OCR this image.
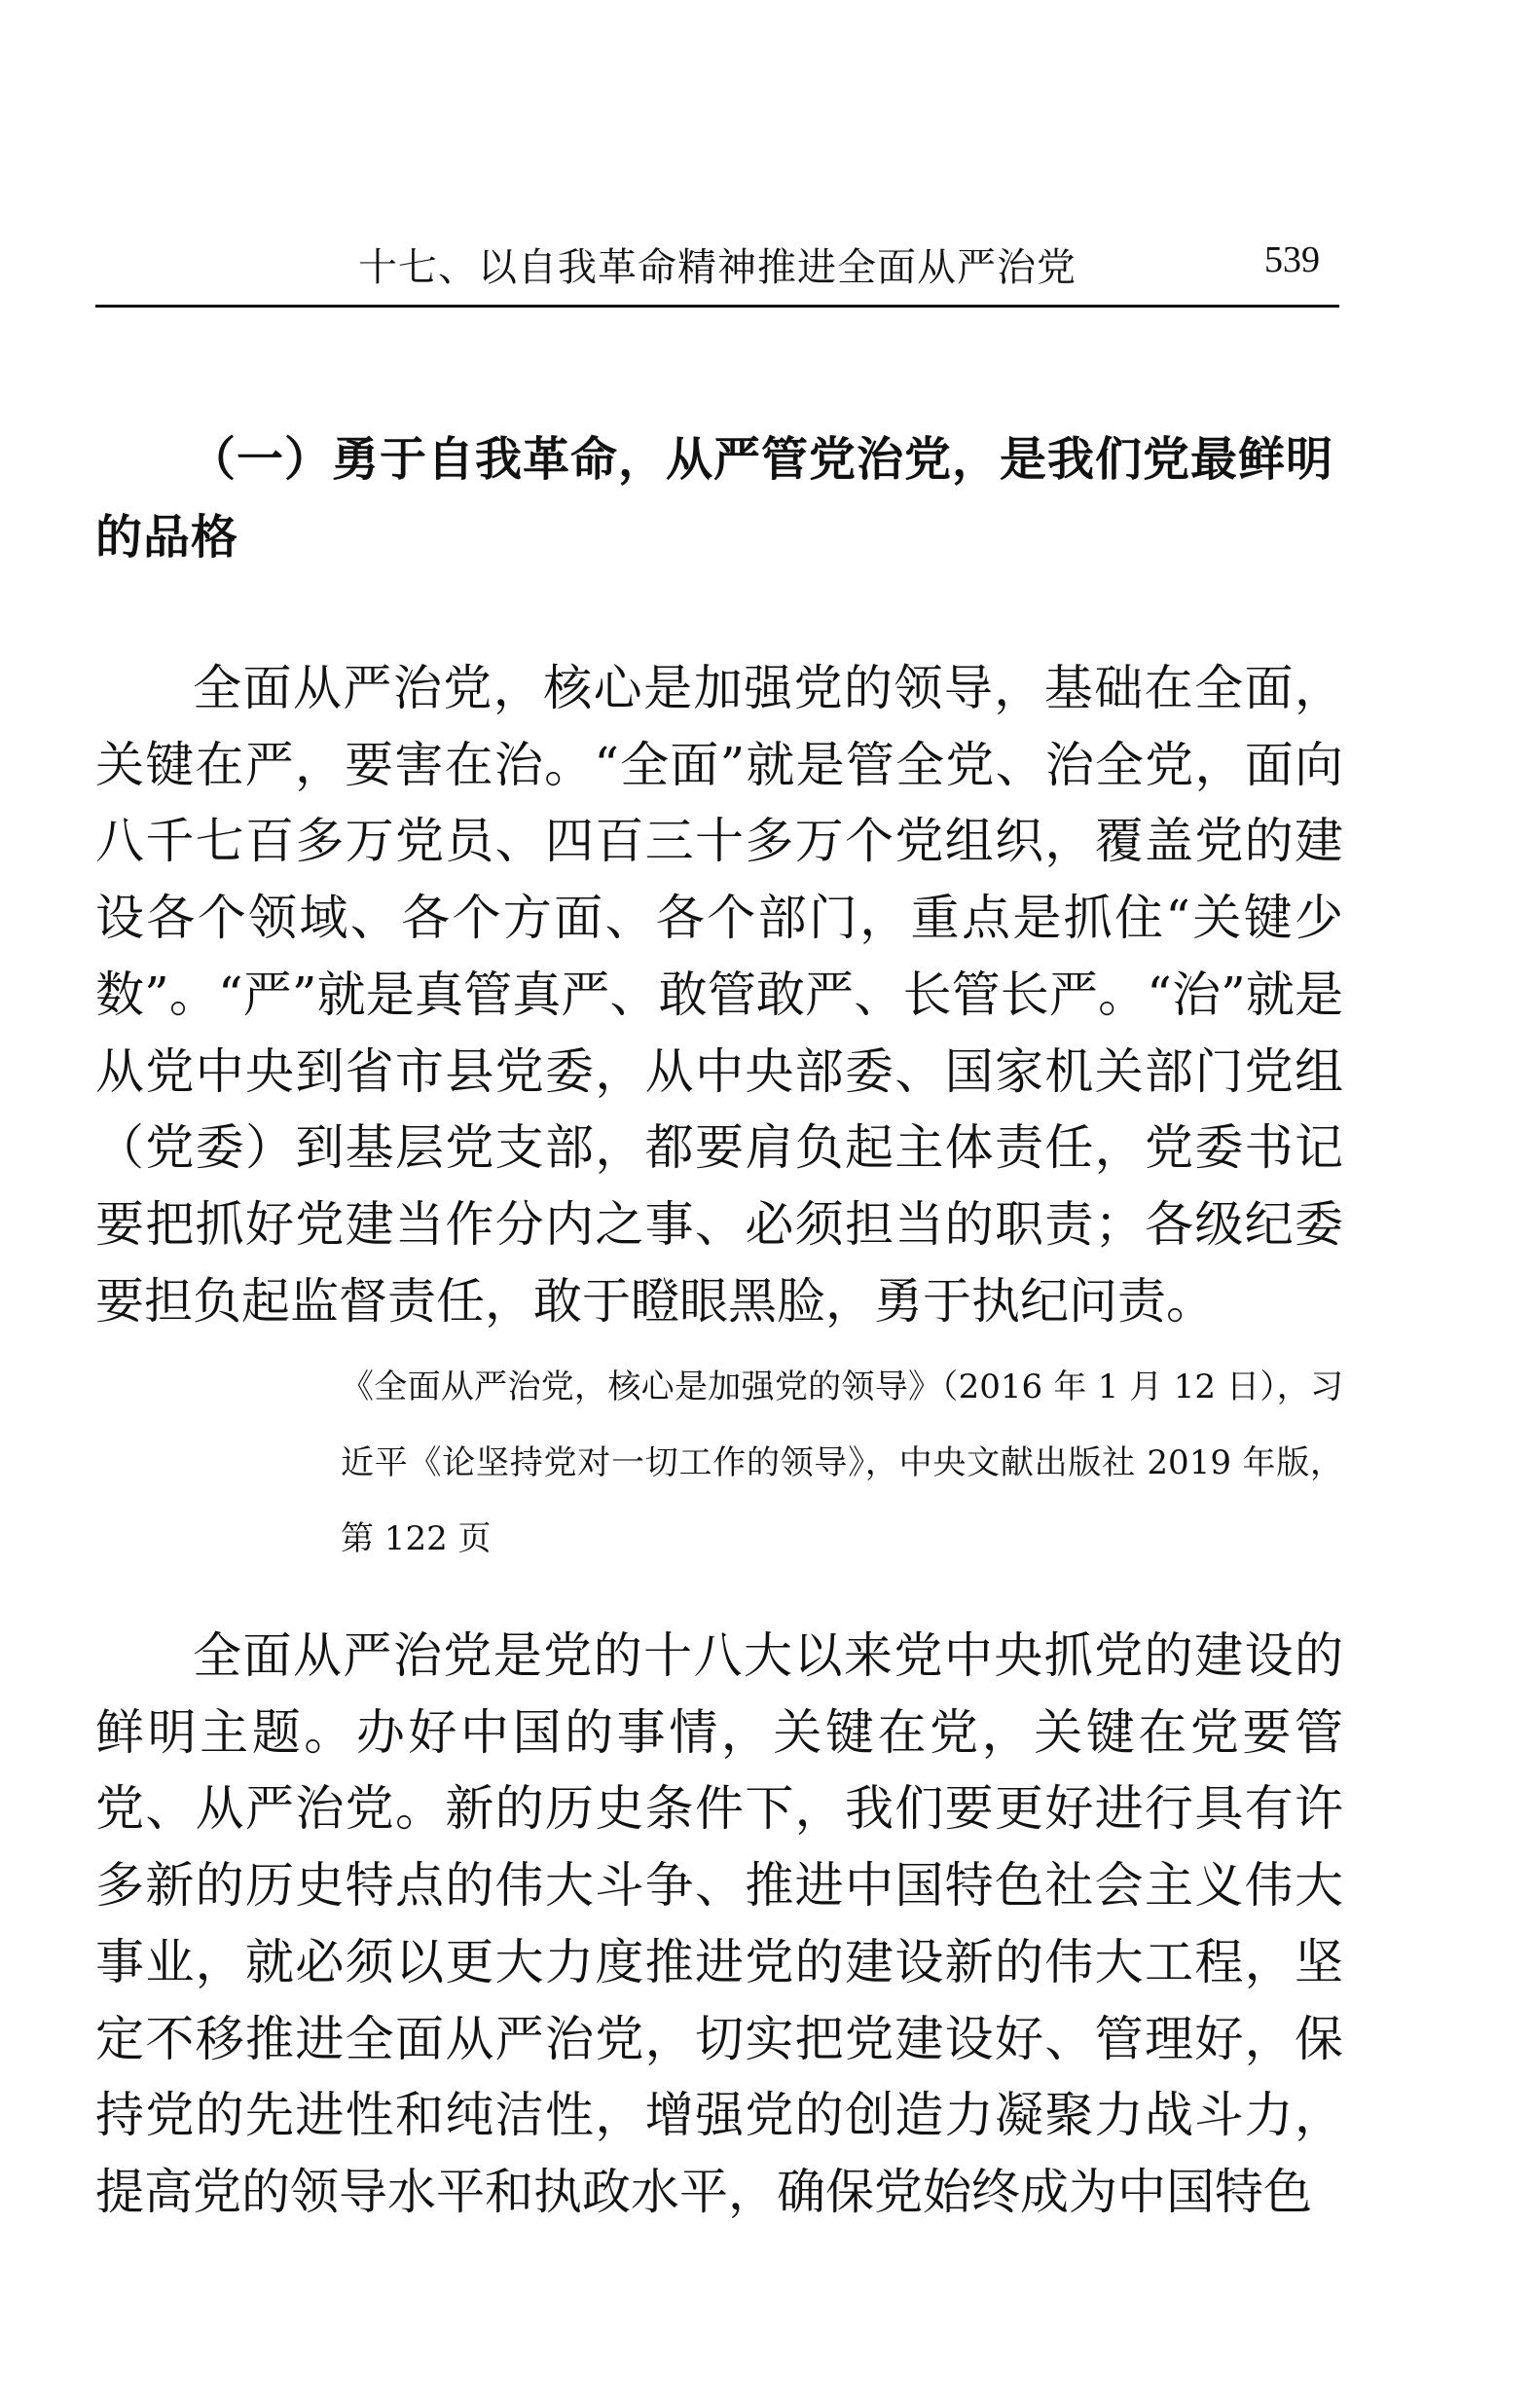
十七、以自我革命精神推进全面从严治党	539
（一）勇于自我革命，从严管党治党，是我们党最鲜明的品格

全面从严治党，核心是加强党的领导，基础在全面，关键在严，要害在治。“全面”就是管全党、治全党，面向八千七百多万党员、四百三十多万个党组织，覆盖党的建设各个领域、各个方面、各个部门，重点是抓住“关键少数”。“严”就是真管真严、敢管敢严、长管长严。“治”就是从党中央到省市县党委，从中央部委、国家机关部门党组（党委）到基层党支部，都要肩负起主体责任，党委书记要把抓好党建当作分内之事、必须担当的职责；各级纪委要担负起监督责任，敢于瞪眼黑脸，勇于执纪问责。

《全面从严治党，核心是加强党的领导》（2016 年 1 月 12 日），习近平《论坚持党对一切工作的领导》，中央文献出版社 2019 年版，第 122 页

全面从严治党是党的十八大以来党中央抓党的建设的鲜明主题。办好中国的事情，关键在党，关键在党要管党、从严治党。新的历史条件下，我们要更好进行具有许多新的历史特点的伟大斗争、推进中国特色社会主义伟大事业，就必须以更大力度推进党的建设新的伟大工程，坚定不移推进全面从严治党，切实把党建设好、管理好，保持党的先进性和纯洁性，增强党的创造力凝聚力战斗力，提高党的领导水平和执政水平，确保党始终成为中国特色
